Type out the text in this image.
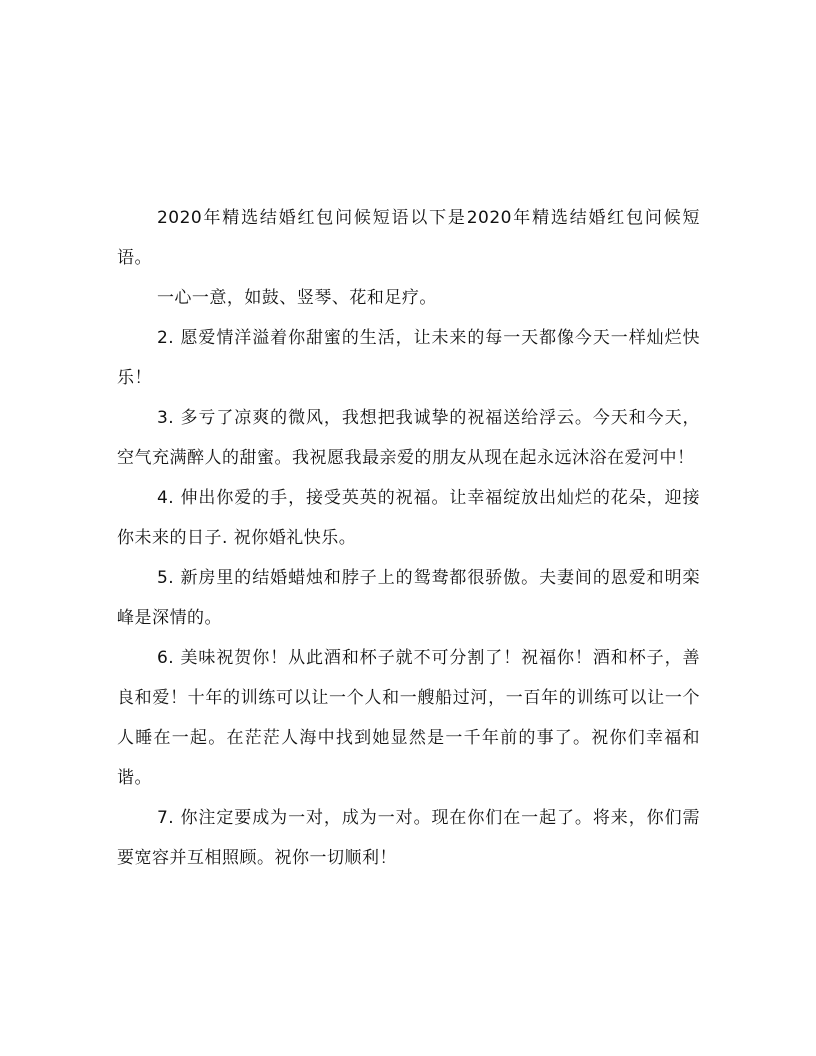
2020年精选结婚红包问候短语以下是2020年精选结婚红包问候短语。

一心一意，如鼓、竖琴、花和足疗。

2. 愿爱情洋溢着你甜蜜的生活，让未来的每一天都像今天一样灿烂快乐！

3. 多亏了凉爽的微风，我想把我诚挚的祝福送给浮云。今天和今天，空气充满醉人的甜蜜。我祝愿我最亲爱的朋友从现在起永远沐浴在爱河中！

4. 伸出你爱的手，接受英英的祝福。让幸福绽放出灿烂的花朵，迎接你未来的日子. 祝你婚礼快乐。

5. 新房里的结婚蜡烛和脖子上的鸳鸯都很骄傲。夫妻间的恩爱和明栾峰是深情的。

6. 美味祝贺你！从此酒和杯子就不可分割了！祝福你！酒和杯子，善良和爱！十年的训练可以让一个人和一艘船过河，一百年的训练可以让一个人睡在一起。在茫茫人海中找到她显然是一千年前的事了。祝你们幸福和谐。

7. 你注定要成为一对，成为一对。现在你们在一起了。将来，你们需要宽容并互相照顾。祝你一切顺利！
